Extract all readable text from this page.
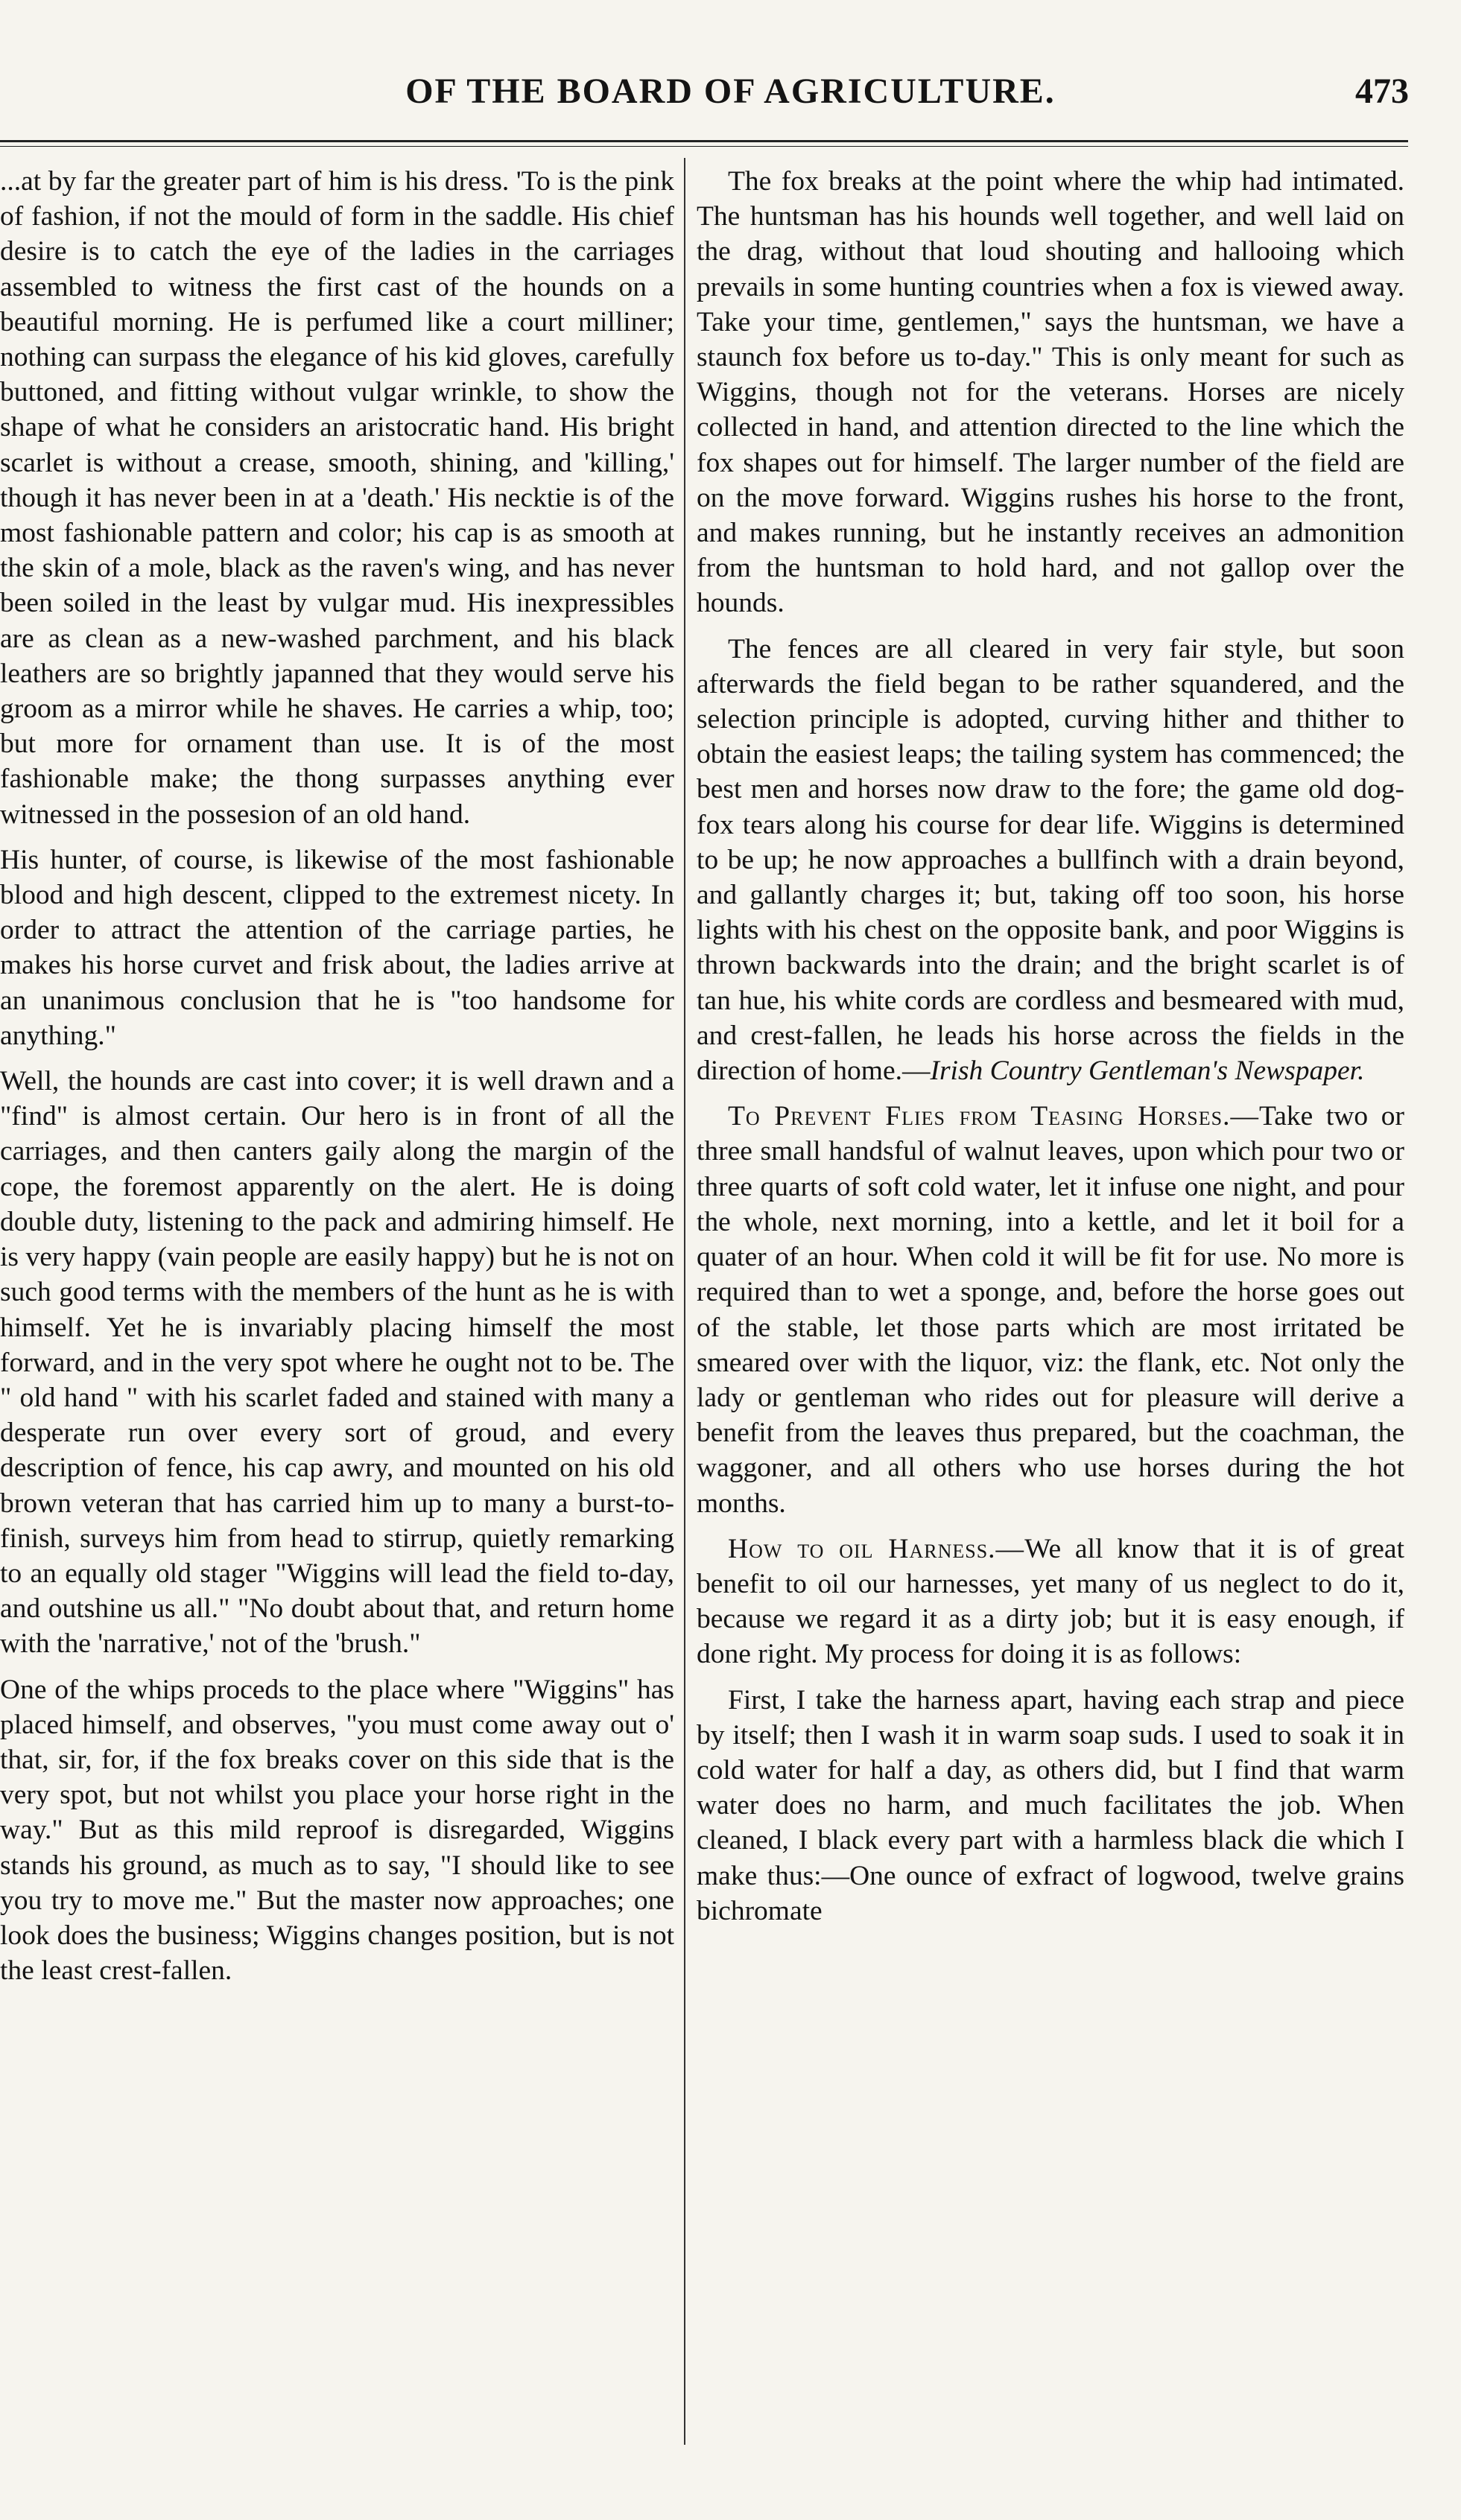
OF THE BOARD OF AGRICULTURE.	473

...at by far the greater part of him is his dress. 'To is the pink of fashion, if not the mould of form in the saddle. His chief desire is to catch the eye of the ladies in the carriages assembled to witness the first cast of the hounds on a beautiful morning. He is perfumed like a court milliner; nothing can surpass the elegance of his kid gloves, carefully buttoned, and fitting without vulgar wrinkle, to show the shape of what he considers an aristocratic hand. His bright scarlet is without a crease, smooth, shining, and 'killing,' though it has never been in at a 'death.' His necktie is of the most fashionable pattern and color; his cap is as smooth at the skin of a mole, black as the raven's wing, and has never been soiled in the least by vulgar mud. His inexpressibles are as clean as a new-washed parchment, and his black leathers are so brightly japanned that they would serve his groom as a mirror while he shaves. He carries a whip, too; but more for ornament than use. It is of the most fashionable make; the thong surpasses anything ever witnessed in the possesion of an old hand.

His hunter, of course, is likewise of the most fashionable blood and high descent, clipped to the extremest nicety. In order to attract the attention of the carriage parties, he makes his horse curvet and frisk about, the ladies arrive at an unanimous conclusion that he is "too handsome for anything."

Well, the hounds are cast into cover; it is well drawn and a "find" is almost certain. Our hero is in front of all the carriages, and then canters gaily along the margin of the cope, the foremost apparently on the alert. He is doing double duty, listening to the pack and admiring himself. He is very happy (vain people are easily happy) but he is not on such good terms with the members of the hunt as he is with himself. Yet he is invariably placing himself the most forward, and in the very spot where he ought not to be. The " old hand " with his scarlet faded and stained with many a desperate run over every sort of groud, and every description of fence, his cap awry, and mounted on his old brown veteran that has carried him up to many a burst-to-finish, surveys him from head to stirrup, quietly remarking to an equally old stager "Wiggins will lead the field to-day, and outshine us all." "No doubt about that, and return home with the 'narrative,' not of the 'brush."

One of the whips proceds to the place where "Wiggins" has placed himself, and observes, "you must come away out o' that, sir, for, if the fox breaks cover on this side that is the very spot, but not whilst you place your horse right in the way." But as this mild reproof is disregarded, Wiggins stands his ground, as much as to say, "I should like to see you try to move me." But the master now approaches; one look does the business; Wiggins changes position, but is not the least crest-fallen.

The fox breaks at the point where the whip had intimated. The huntsman has his hounds well together, and well laid on the drag, without that loud shouting and hallooing which prevails in some hunting countries when a fox is viewed away. Take your time, gentlemen," says the huntsman, we have a staunch fox before us to-day." This is only meant for such as Wiggins, though not for the veterans. Horses are nicely collected in hand, and attention directed to the line which the fox shapes out for himself. The larger number of the field are on the move forward. Wiggins rushes his horse to the front, and makes running, but he instantly receives an admonition from the huntsman to hold hard, and not gallop over the hounds.

The fences are all cleared in very fair style, but soon afterwards the field began to be rather squandered, and the selection principle is adopted, curving hither and thither to obtain the easiest leaps; the tailing system has commenced; the best men and horses now draw to the fore; the game old dog-fox tears along his course for dear life. Wiggins is determined to be up; he now approaches a bullfinch with a drain beyond, and gallantly charges it; but, taking off too soon, his horse lights with his chest on the opposite bank, and poor Wiggins is thrown backwards into the drain; and the bright scarlet is of tan hue, his white cords are cordless and besmeared with mud, and crest-fallen, he leads his horse across the fields in the direction of home.—Irish Country Gentleman's Newspaper.

To Prevent Flies from Teasing Horses.—Take two or three small handsful of walnut leaves, upon which pour two or three quarts of soft cold water, let it infuse one night, and pour the whole, next morning, into a kettle, and let it boil for a quater of an hour. When cold it will be fit for use. No more is required than to wet a sponge, and, before the horse goes out of the stable, let those parts which are most irritated be smeared over with the liquor, viz: the flank, etc. Not only the lady or gentleman who rides out for pleasure will derive a benefit from the leaves thus prepared, but the coachman, the waggoner, and all others who use horses during the hot months.

How to oil Harness.—We all know that it is of great benefit to oil our harnesses, yet many of us neglect to do it, because we regard it as a dirty job; but it is easy enough, if done right. My process for doing it is as follows:

First, I take the harness apart, having each strap and piece by itself; then I wash it in warm soap suds. I used to soak it in cold water for half a day, as others did, but I find that warm water does no harm, and much facilitates the job. When cleaned, I black every part with a harmless black die which I make thus:—One ounce of exfract of logwood, twelve grains bichromate
